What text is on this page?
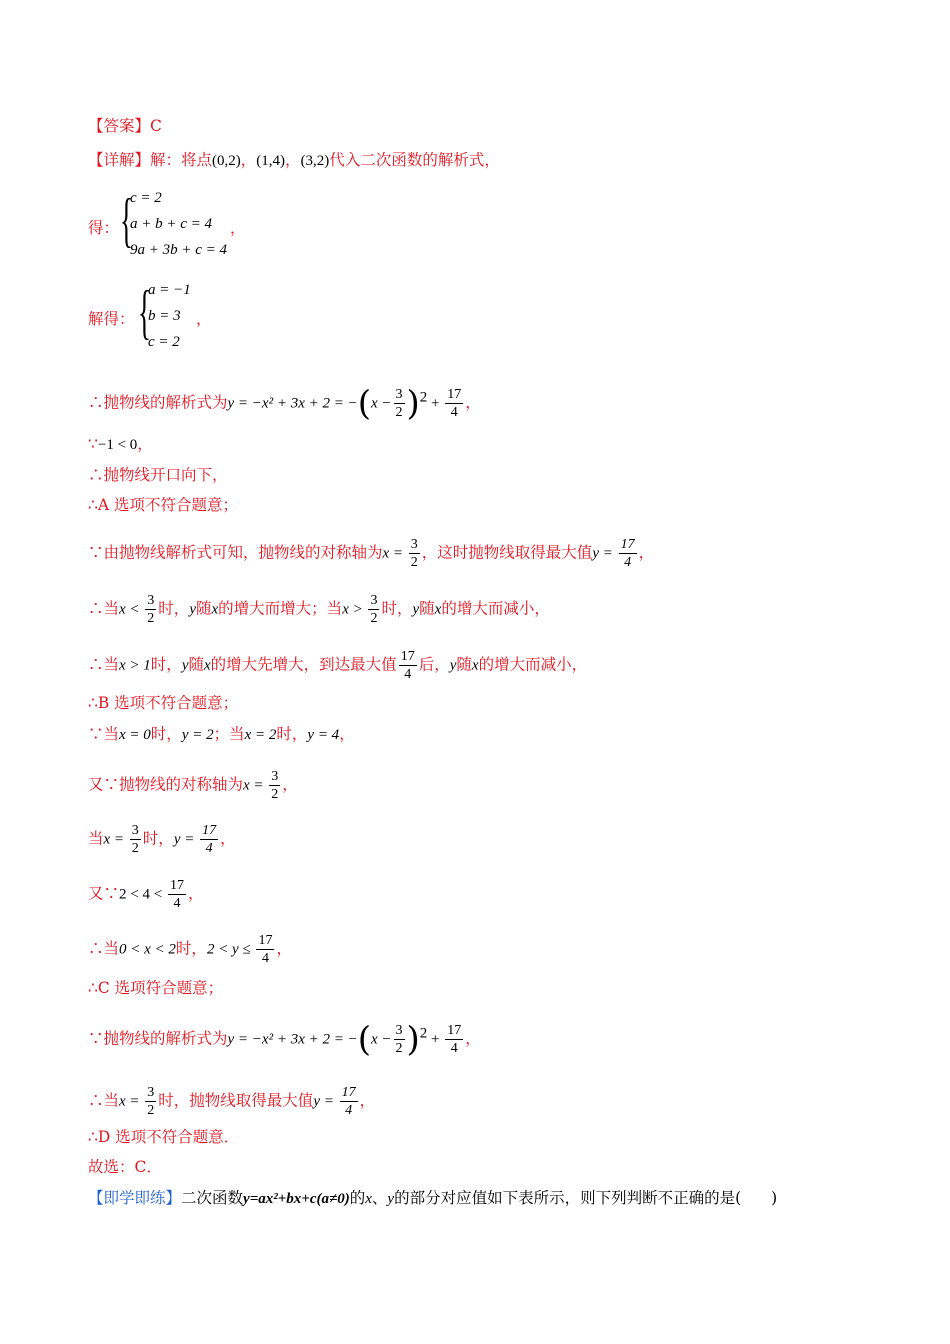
【答案】C
【详解】解：将点(0,2)，(1,4)，(3,2)代入二次函数的解析式，
得： {
c = 2
a + b + c = 4
9a + 3b + c = 4
，
解得： {
a = −1
b = 3
c = 2
，
∴抛物线的解析式为$y = -x^2 + 3x + 2 = -(x - \frac{3}{2} )^2 + \frac{17}{4}$ ，
∵−1 < 0，
∴抛物线开口向下，
∴A 选项不符合题意；
∵由抛物线解析式可知，抛物线的对称轴为$x = \frac{3}{2}$ ，这时抛物线取得最大值$y = \frac{17}{4}$ ，
∴当$x < \frac{3}{2}$ 时，y随x的增大而增大；当$x > \frac{3}{2}$ 时，y随x的增大而减小，
∴当x > 1时，y随x的增大先增大，到达最大值 $\frac{17}{4}$ 后，y随x的增大而减小，
∴B 选项不符合题意；
∵当x = 0时，y = 2；当x = 2时，y = 4，
又∵抛物线的对称轴为$x = \frac{3}{2}$ ，
当$x = \frac{3}{2}$ 时，$y = \frac{17}{4}$ ，
又∵2 < $4 < \frac{17}{4}$ ，
∴当0 < x < 2时，$2 < y \le \frac{17}{4}$ ，
∴C 选项符合题意；
∵抛物线的解析式为$y = -x^2 + 3x + 2 = -(x - \frac{3}{2} )^2 + \frac{17}{4}$ ，
∴当$x = \frac{3}{2}$ 时，抛物线取得最大值$y = \frac{17}{4}$ ，
∴D 选项不符合题意．
故选：C．
【即学即练】二次函数y=ax²+bx+c(a≠0)的x、y的部分对应值如下表所示，则下列判断不正确的是( )
